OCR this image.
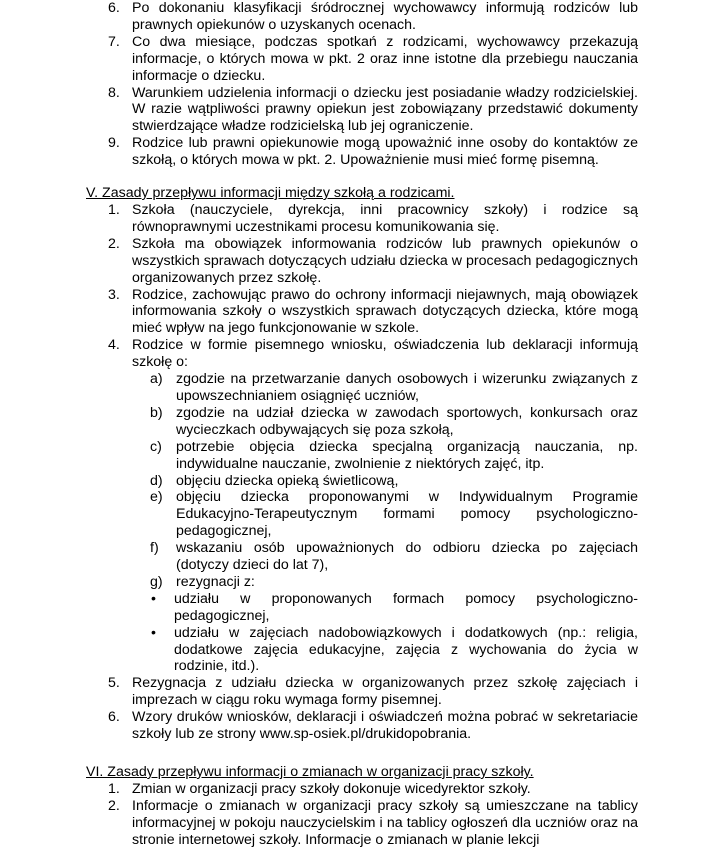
6. Po dokonaniu klasyfikacji śródrocznej wychowawcy informują rodziców lub prawnych opiekunów o uzyskanych ocenach.

7. Co dwa miesiące, podczas spotkań z rodzicami, wychowawcy przekazują informacje, o których mowa w pkt. 2 oraz inne istotne dla przebiegu nauczania informacje o dziecku.

8. Warunkiem udzielenia informacji o dziecku jest posiadanie władzy rodzicielskiej. W razie wątpliwości prawny opiekun jest zobowiązany przedstawić dokumenty stwierdzające władze rodzicielską lub jej ograniczenie.

9. Rodzice lub prawni opiekunowie mogą upoważnić inne osoby do kontaktów ze szkołą, o których mowa w pkt. 2. Upoważnienie musi mieć formę pisemną.

V. Zasady przepływu informacji między szkołą a rodzicami.
1. Szkoła (nauczyciele, dyrekcja, inni pracownicy szkoły) i rodzice są równoprawnymi uczestnikami procesu komunikowania się.

2. Szkoła ma obowiązek informowania rodziców lub prawnych opiekunów o wszystkich sprawach dotyczących udziału dziecka w procesach pedagogicznych organizowanych przez szkołę.

3. Rodzice, zachowując prawo do ochrony informacji niejawnych, mają obowiązek informowania szkoły o wszystkich sprawach dotyczących dziecka, które mogą mieć wpływ na jego funkcjonowanie w szkole.

4. Rodzice w formie pisemnego wniosku, oświadczenia lub deklaracji informują szkołę o:

a) zgodzie na przetwarzanie danych osobowych i wizerunku związanych z upowszechnianiem osiągnięć uczniów,

b) zgodzie na udział dziecka w zawodach sportowych, konkursach oraz wycieczkach odbywających się poza szkołą,

c) potrzebie objęcia dziecka specjalną organizacją nauczania, np. indywidualne nauczanie, zwolnienie z niektórych zajęć, itp.

d) objęciu dziecka opieką świetlicową,

e) objęciu dziecka proponowanymi w Indywidualnym Programie Edukacyjno-Terapeutycznym formami pomocy psychologiczno-pedagogicznej,

f) wskazaniu osób upoważnionych do odbioru dziecka po zajęciach (dotyczy dzieci do lat 7),

g) rezygnacji z:

• udziału w proponowanych formach pomocy psychologiczno-pedagogicznej,

• udziału w zajęciach nadobowiązkowych i dodatkowych (np.: religia, dodatkowe zajęcia edukacyjne, zajęcia z wychowania do życia w rodzinie, itd.).

5. Rezygnacja z udziału dziecka w organizowanych przez szkołę zajęciach i imprezach w ciągu roku wymaga formy pisemnej.

6. Wzory druków wniosków, deklaracji i oświadczeń można pobrać w sekretariacie szkoły lub ze strony www.sp-osiek.pl/drukidopobrania.

VI. Zasady przepływu informacji o zmianach w organizacji pracy szkoły.
1. Zmian w organizacji pracy szkoły dokonuje wicedyrektor szkoły.

2. Informacje o zmianach w organizacji pracy szkoły są umieszczane na tablicy informacyjnej w pokoju nauczycielskim i na tablicy ogłoszeń dla uczniów oraz na stronie internetowej szkoły. Informacje o zmianach w planie lekcji
